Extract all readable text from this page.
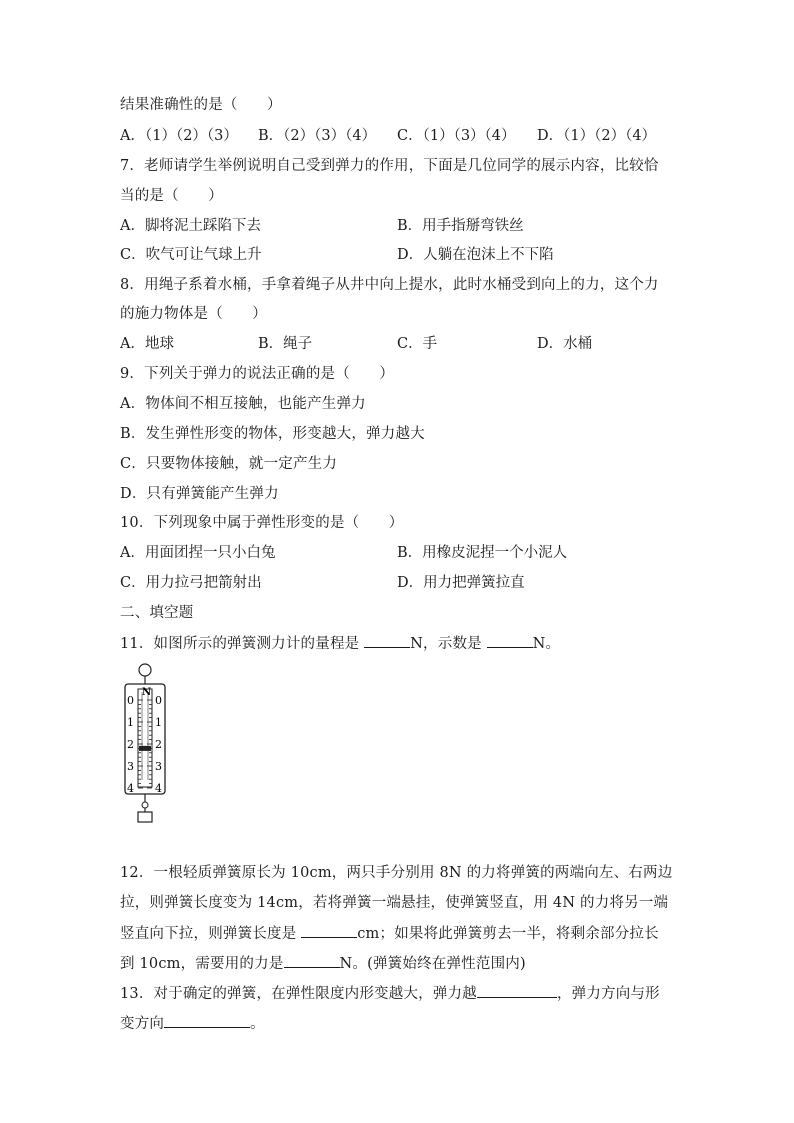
结果准确性的是（　　）
A．（1）（2）（3） B．（2）（3）（4） C．（1）（3）（4） D．（1）（2）（4）
7．老师请学生举例说明自己受到弹力的作用，下面是几位同学的展示内容，比较恰
当的是（　　）
A．脚将泥土踩陷下去	B．用手指掰弯铁丝
C．吹气可让气球上升	D．人躺在泡沫上不下陷
8．用绳子系着水桶，手拿着绳子从井中向上提水，此时水桶受到向上的力，这个力
的施力物体是（　　）
A．地球	B．绳子	C．手	D．水桶
9．下列关于弹力的说法正确的是（　　）
A．物体间不相互接触，也能产生弹力
B．发生弹性形变的物体，形变越大，弹力越大
C．只要物体接触，就一定产生力
D．只有弹簧能产生弹力
10．下列现象中属于弹性形变的是（　　）
A．用面团捏一只小白兔	B．用橡皮泥捏一个小泥人
C．用力拉弓把箭射出	D．用力把弹簧拉直
二、填空题
11．如图所示的弹簧测力计的量程是	N，示数是	N。
N
0
1
2
3
4
0
1
2
3
4
12．一根轻质弹簧原长为 10cm，两只手分别用 8N 的力将弹簧的两端向左、右两边
拉，则弹簧长度变为 14cm，若将弹簧一端悬挂，使弹簧竖直，用 4N 的力将另一端
竖直向下拉，则弹簧长度是	cm；如果将此弹簧剪去一半，将剩余部分拉长
到 10cm，需要用的力是	N。(弹簧始终在弹性范围内)
13．对于确定的弹簧，在弹性限度内形变越大，弹力越	，弹力方向与形
变方向	。
